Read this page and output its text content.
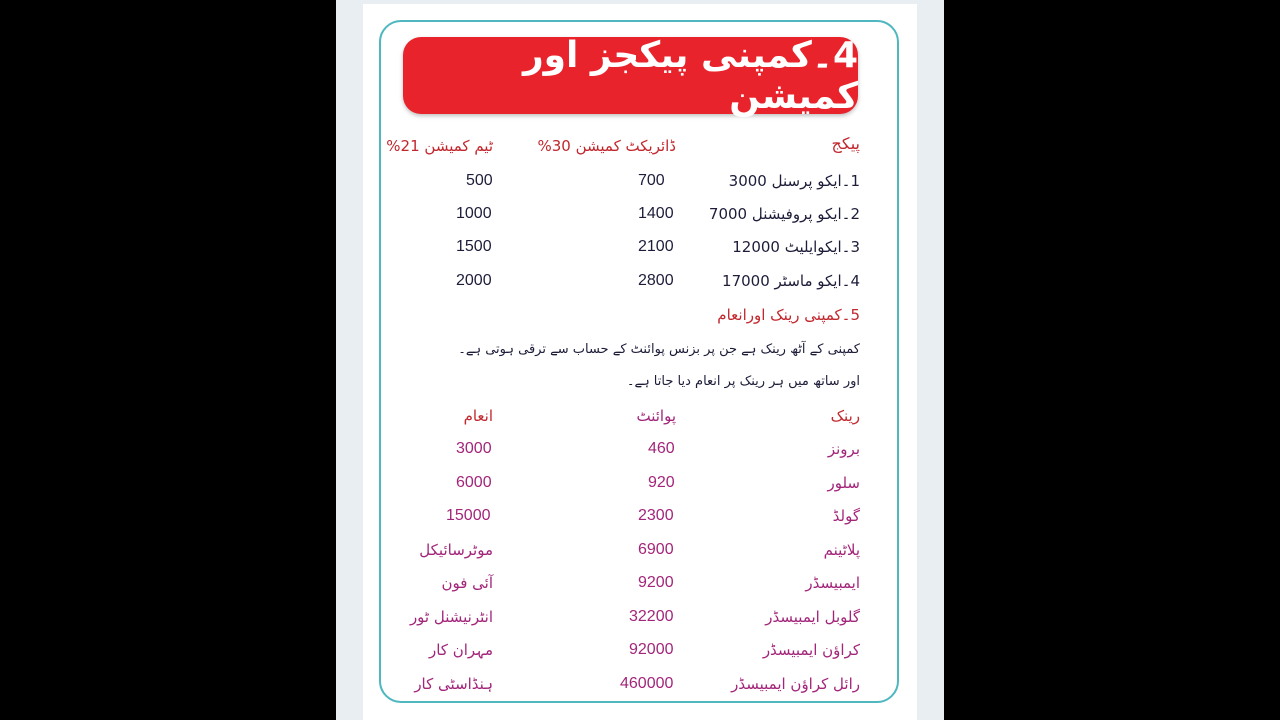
4۔کمپنی پیکجز اور کمیشن
پیکج
ڈائریکٹ کمیشن 30%
ٹیم کمیشن 21%
1۔ایکو پرسنل 3000
700
500
2۔ایکو پروفیشنل 7000
1400
1000
3۔ایکوایلیٹ 12000
2100
1500
4۔ایکو ماسٹر 17000
2800
2000
5۔کمپنی رینک اورانعام
کمپنی کے آٹھ رینک ہے جن پر بزنس پوائنٹ کے حساب سے ترقی ہوتی ہے۔
اور ساتھ میں ہر رینک پر انعام دیا جاتا ہے۔
رینک
پوائنٹ
انعام
برونز
460
3000
سلور
920
6000
گولڈ
2300
15000
پلاٹینم
6900
موٹرسائیکل
ایمبیسڈر
9200
آئی فون
گلوبل ایمبیسڈر
32200
انٹرنیشنل ٹور
کراؤن ایمبیسڈر
92000
مہران کار
رائل کراؤن ایمبیسڈر
460000
ہنڈاسٹی کار
